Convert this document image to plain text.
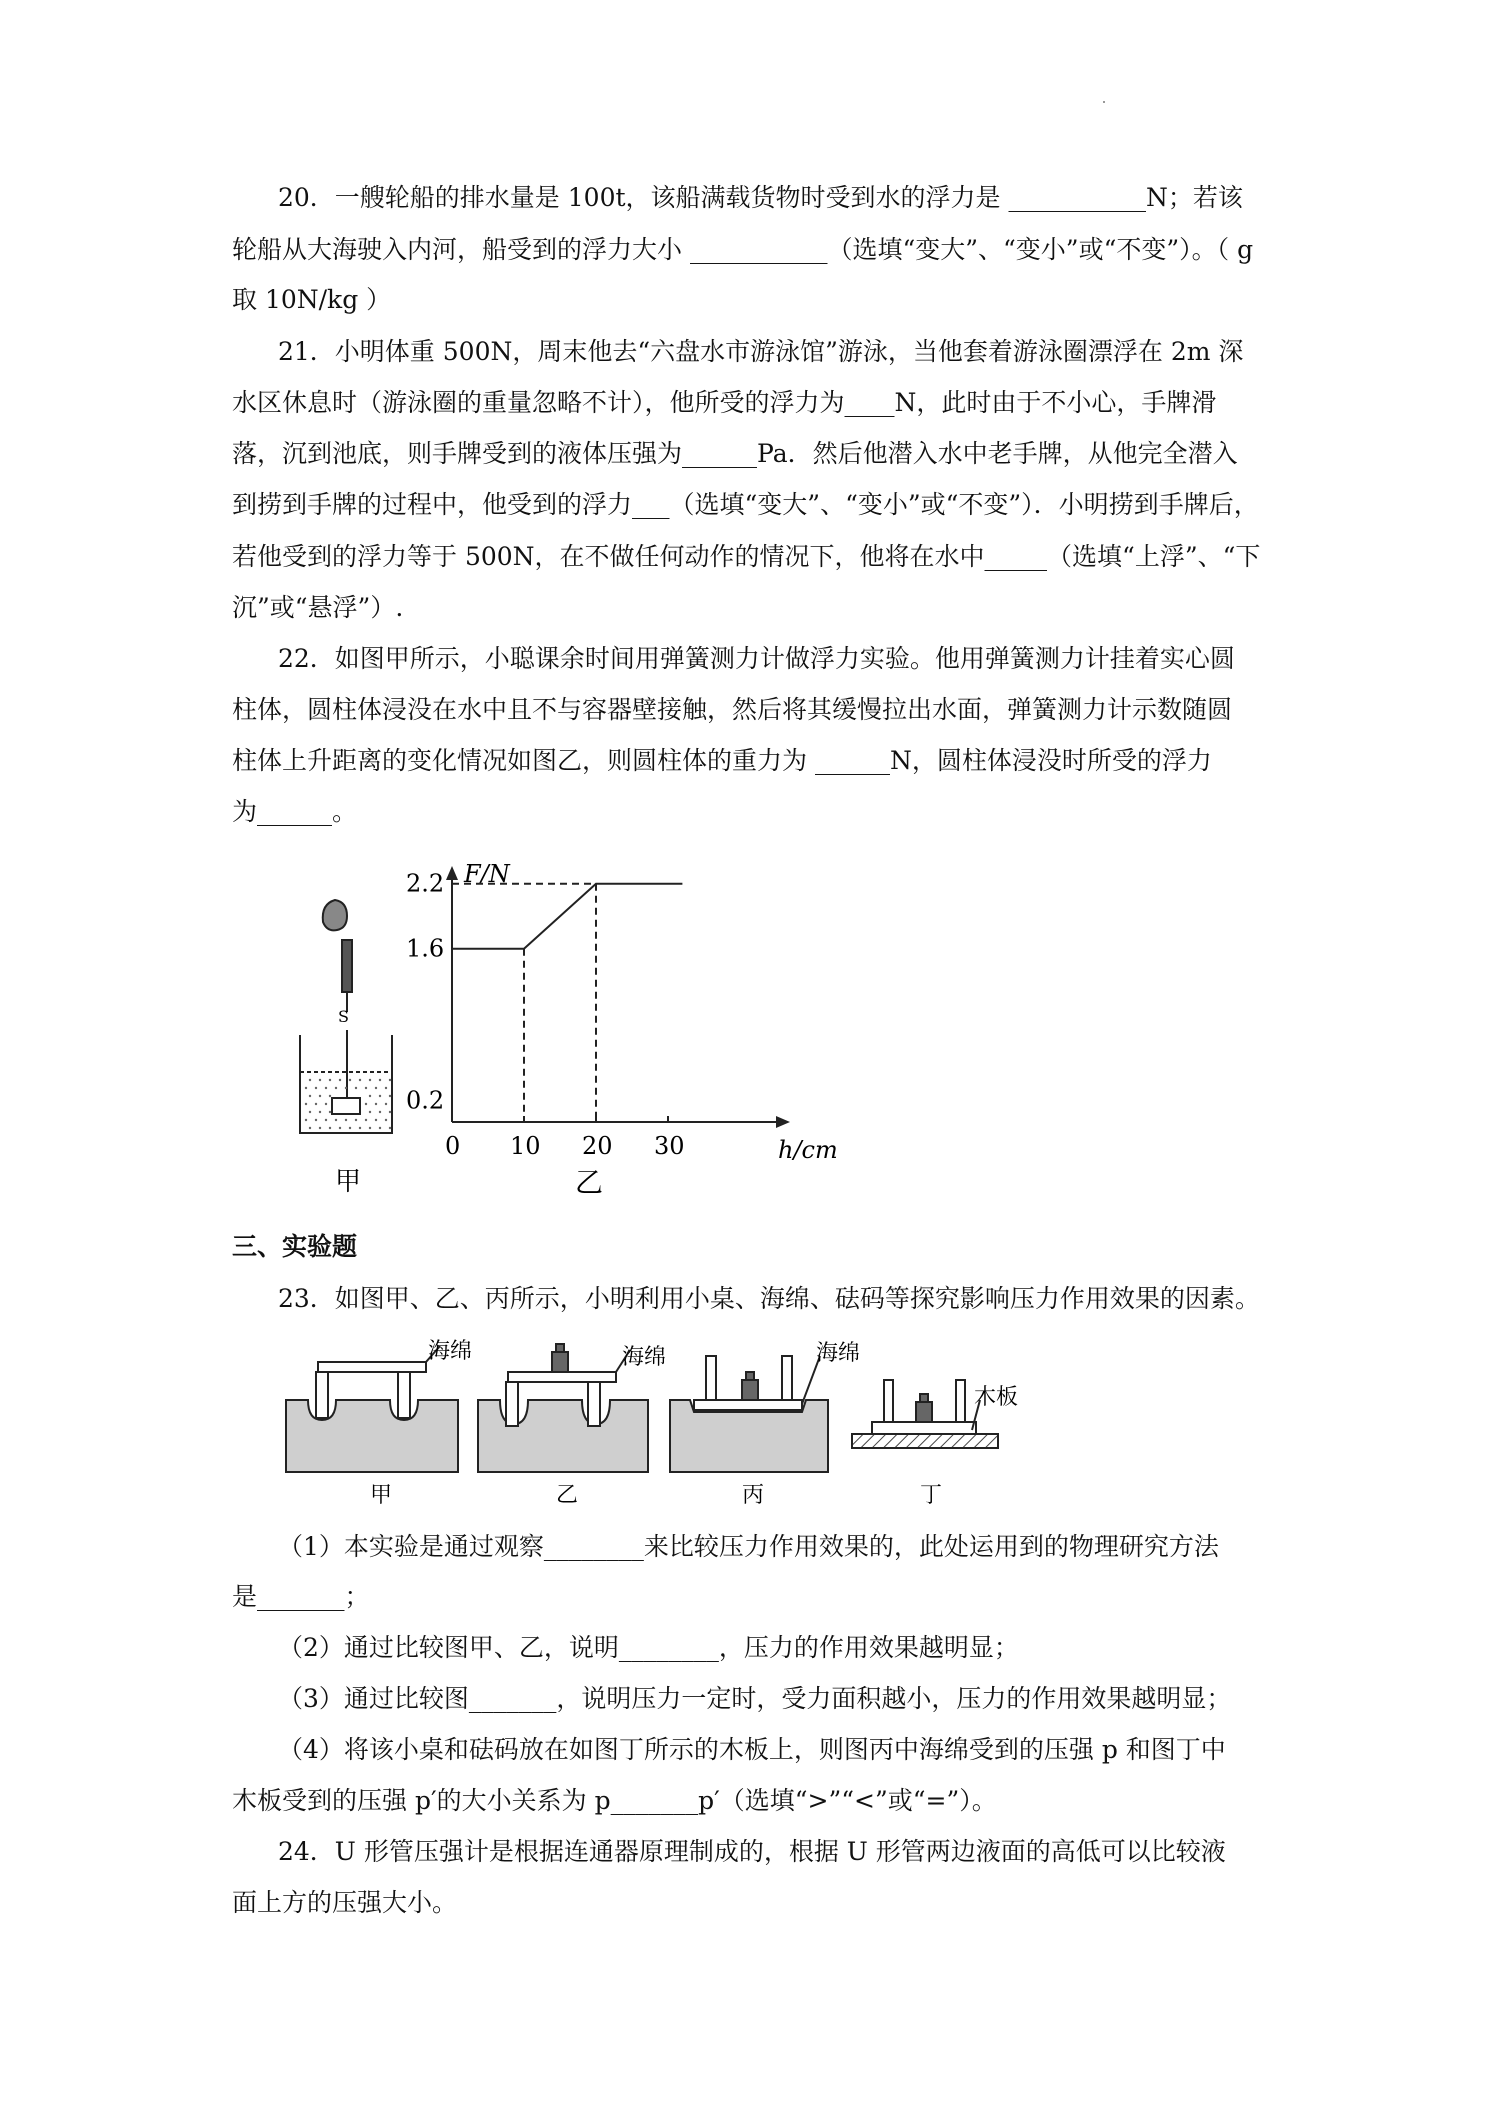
20．一艘轮船的排水量是 100t，该船满载货物时受到水的浮力是 ___________N；若该
轮船从大海驶入内河，船受到的浮力大小 ___________（选填“变大”、“变小”或“不变”）。（ g
取 10N/kg ）
21．小明体重 500N，周末他去“六盘水市游泳馆”游泳，当他套着游泳圈漂浮在 2m 深
水区休息时（游泳圈的重量忽略不计），他所受的浮力为____N，此时由于不小心，手牌滑
落，沉到池底，则手牌受到的液体压强为______Pa．然后他潜入水中老手牌，从他完全潜入
到捞到手牌的过程中，他受到的浮力___（选填“变大”、“变小”或“不变”）．小明捞到手牌后，
若他受到的浮力等于 500N，在不做任何动作的情况下，他将在水中_____（选填“上浮”、“下
沉”或“悬浮”）.
22．如图甲所示，小聪课余时间用弹簧测力计做浮力实验。他用弹簧测力计挂着实心圆
柱体，圆柱体浸没在水中且不与容器壁接触，然后将其缓慢拉出水面，弹簧测力计示数随圆
柱体上升距离的变化情况如图乙，则圆柱体的重力为 ______N，圆柱体浸没时所受的浮力
为______。
S
甲
F/N
h/cm
0 10 20 30
0.2
1.6
2.2
乙
三、实验题
23．如图甲、乙、丙所示，小明利用小桌、海绵、砝码等探究影响压力作用效果的因素。
海绵	海绵	海绵
木板
甲	乙	丙	丁
（1）本实验是通过观察________来比较压力作用效果的，此处运用到的物理研究方法
是_______；
（2）通过比较图甲、乙，说明________，压力的作用效果越明显；
（3）通过比较图_______，说明压力一定时，受力面积越小，压力的作用效果越明显；
（4）将该小桌和砝码放在如图丁所示的木板上，则图丙中海绵受到的压强 p 和图丁中
木板受到的压强 p′的大小关系为 p_______p′（选填“>”“<”或“=”）。
24．U 形管压强计是根据连通器原理制成的，根据 U 形管两边液面的高低可以比较液
面上方的压强大小。
